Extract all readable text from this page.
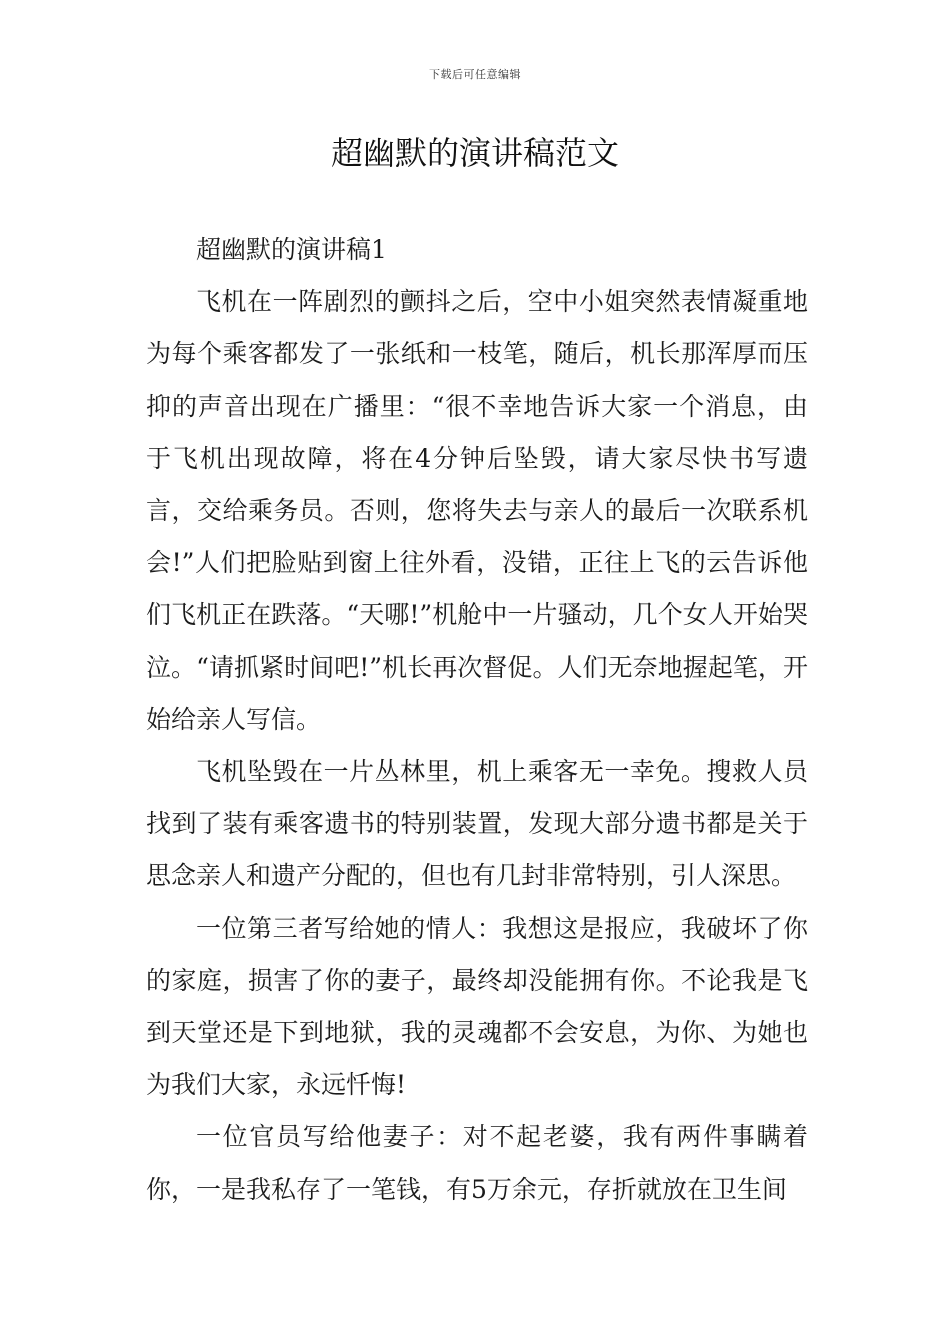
下载后可任意编辑
超幽默的演讲稿范文

超幽默的演讲稿1

飞机在一阵剧烈的颤抖之后，空中小姐突然表情凝重地为每个乘客都发了一张纸和一枝笔，随后，机长那浑厚而压抑的声音出现在广播里：“很不幸地告诉大家一个消息，由于飞机出现故障，将在4分钟后坠毁，请大家尽快书写遗言，交给乘务员。否则，您将失去与亲人的最后一次联系机会!”人们把脸贴到窗上往外看，没错，正往上飞的云告诉他们飞机正在跌落。“天哪!”机舱中一片骚动，几个女人开始哭泣。“请抓紧时间吧!”机长再次督促。人们无奈地握起笔，开始给亲人写信。

飞机坠毁在一片丛林里，机上乘客无一幸免。搜救人员找到了装有乘客遗书的特别装置，发现大部分遗书都是关于思念亲人和遗产分配的，但也有几封非常特别，引人深思。

一位第三者写给她的情人：我想这是报应，我破坏了你的家庭，损害了你的妻子，最终却没能拥有你。不论我是飞到天堂还是下到地狱，我的灵魂都不会安息，为你、为她也为我们大家，永远忏悔!

一位官员写给他妻子：对不起老婆，我有两件事瞒着你，一是我私存了一笔钱，有5万余元，存折就放在卫生间
